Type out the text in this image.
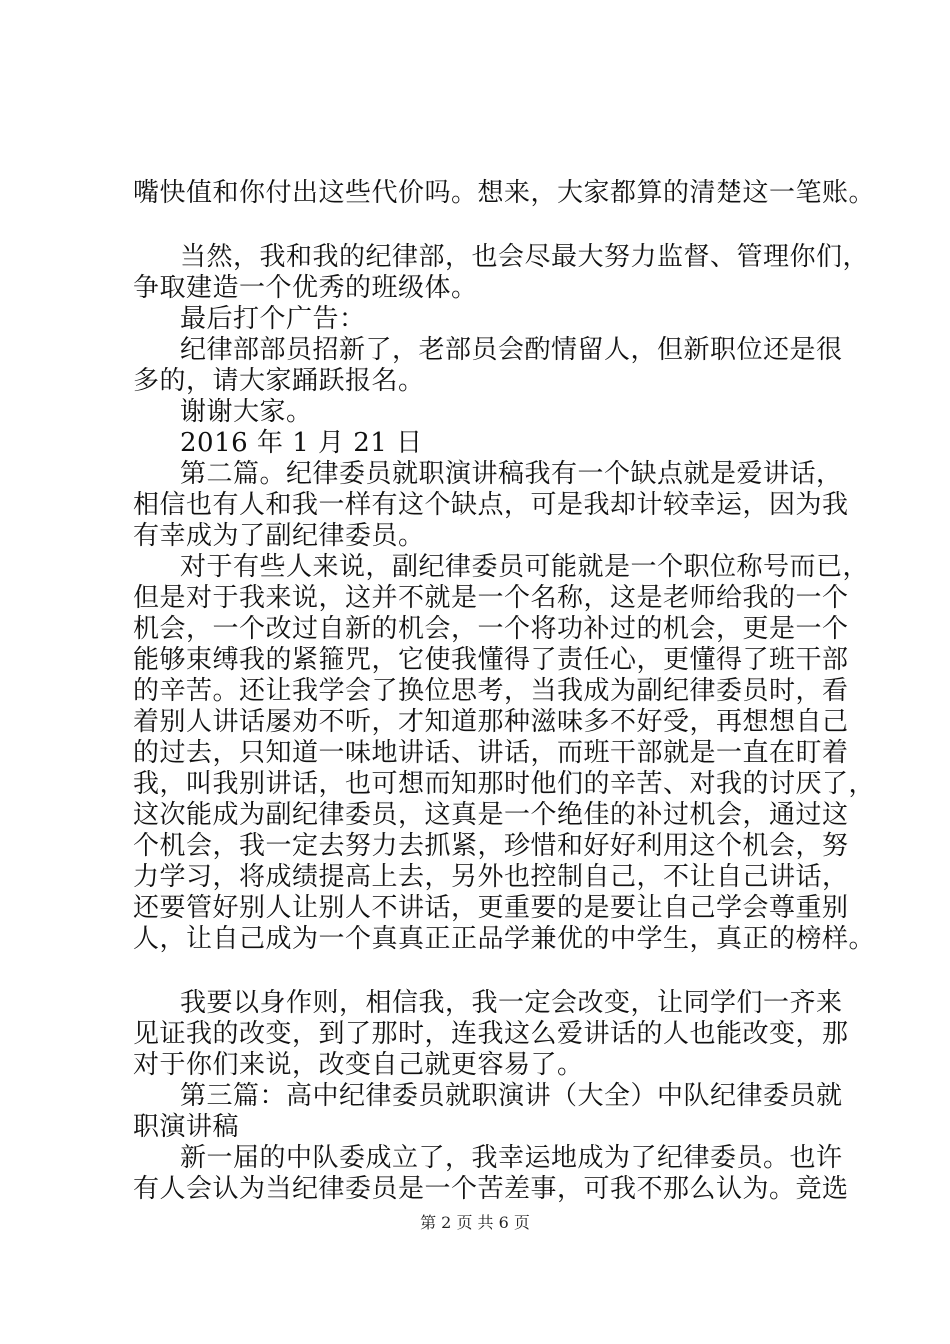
嘴快值和你付出这些代价吗。想来，大家都算的清楚这一笔账。
当然，我和我的纪律部，也会尽最大努力监督、管理你们，
争取建造一个优秀的班级体。
最后打个广告：
纪律部部员招新了，老部员会酌情留人，但新职位还是很
多的，请大家踊跃报名。
谢谢大家。
2016 年 1 月 21 日
第二篇。纪律委员就职演讲稿我有一个缺点就是爱讲话，
相信也有人和我一样有这个缺点，可是我却计较幸运，因为我
有幸成为了副纪律委员。
对于有些人来说，副纪律委员可能就是一个职位称号而已，
但是对于我来说，这并不就是一个名称，这是老师给我的一个
机会，一个改过自新的机会，一个将功补过的机会，更是一个
能够束缚我的紧箍咒，它使我懂得了责任心，更懂得了班干部
的辛苦。还让我学会了换位思考，当我成为副纪律委员时，看
着别人讲话屡劝不听，才知道那种滋味多不好受，再想想自己
的过去，只知道一味地讲话、讲话，而班干部就是一直在盯着
我，叫我别讲话，也可想而知那时他们的辛苦、对我的讨厌了，
这次能成为副纪律委员，这真是一个绝佳的补过机会，通过这
个机会，我一定去努力去抓紧，珍惜和好好利用这个机会，努
力学习，将成绩提高上去，另外也控制自己，不让自己讲话，
还要管好别人让别人不讲话，更重要的是要让自己学会尊重别
人，让自己成为一个真真正正品学兼优的中学生，真正的榜样。
我要以身作则，相信我，我一定会改变，让同学们一齐来
见证我的改变，到了那时，连我这么爱讲话的人也能改变，那
对于你们来说，改变自己就更容易了。
第三篇：高中纪律委员就职演讲（大全）中队纪律委员就
职演讲稿
新一届的中队委成立了，我幸运地成为了纪律委员。也许
有人会认为当纪律委员是一个苦差事，可我不那么认为。竞选
第 2 页 共 6 页
